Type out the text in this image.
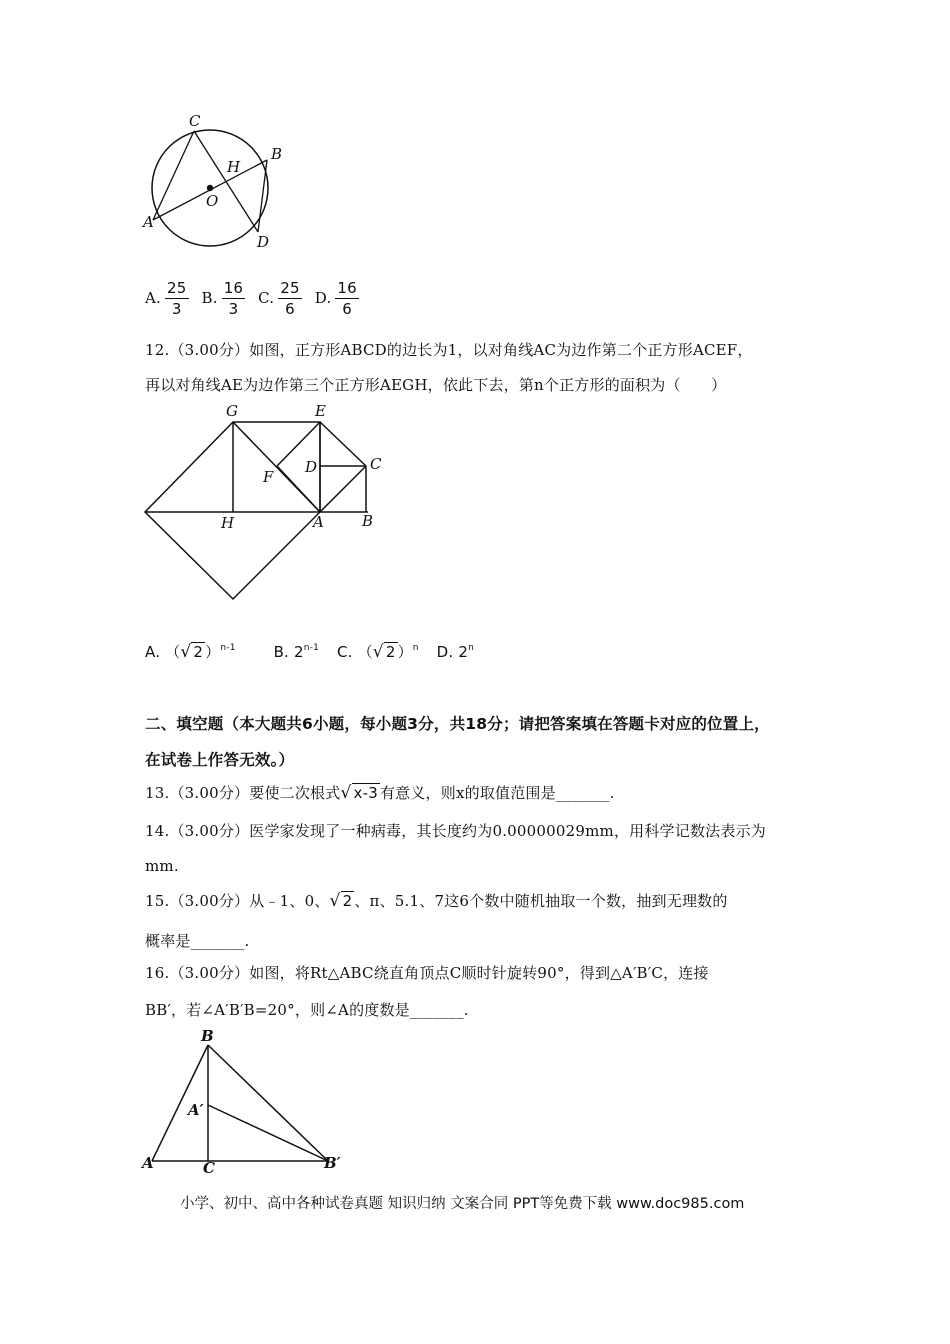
C
B
H
O
A
D
A. $\frac{25}{3} B$. $\frac{16}{3} C$. $\frac{25}{6} D$. $\frac{16}{6}$
12.（3.00分）如图，正方形ABCD的边长为1，以对角线AC为边作第二个正方形ACEF，
再以对角线AE为边作第三个正方形AEGH，依此下去，第n个正方形的面积为（　　）
G	E
D	C
F
H	A	B
A. （√ 2 ）$^{n-1}$	B. 2$^{n-1}$ C. （√ 2 ）$^n$ D. 2$^n$
二、填空题（本大题共6小题，每小题3分，共18分；请把答案填在答题卡对应的位置上，
在试卷上作答无效。）
13.（3.00分）要使二次根式√ x-3 有意义，则x的取值范围是_______.
14.（3.00分）医学家发现了一种病毒，其长度约为0.00000029mm，用科学记数法表示为
mm.
15.（3.00分）从﹣1、0、√ 2 、π、5.1、7这6个数中随机抽取一个数，抽到无理数的
概率是_______.
16.（3.00分）如图，将Rt△ABC绕直角顶点C顺时针旋转90°，得到△A′B′C，连接
BB′，若∠A′B′B=20°，则∠A的度数是_______.
B
A′
A	C	B′
小学、初中、高中各种试卷真题 知识归纳 文案合同 PPT等免费下载 www.doc985.com
